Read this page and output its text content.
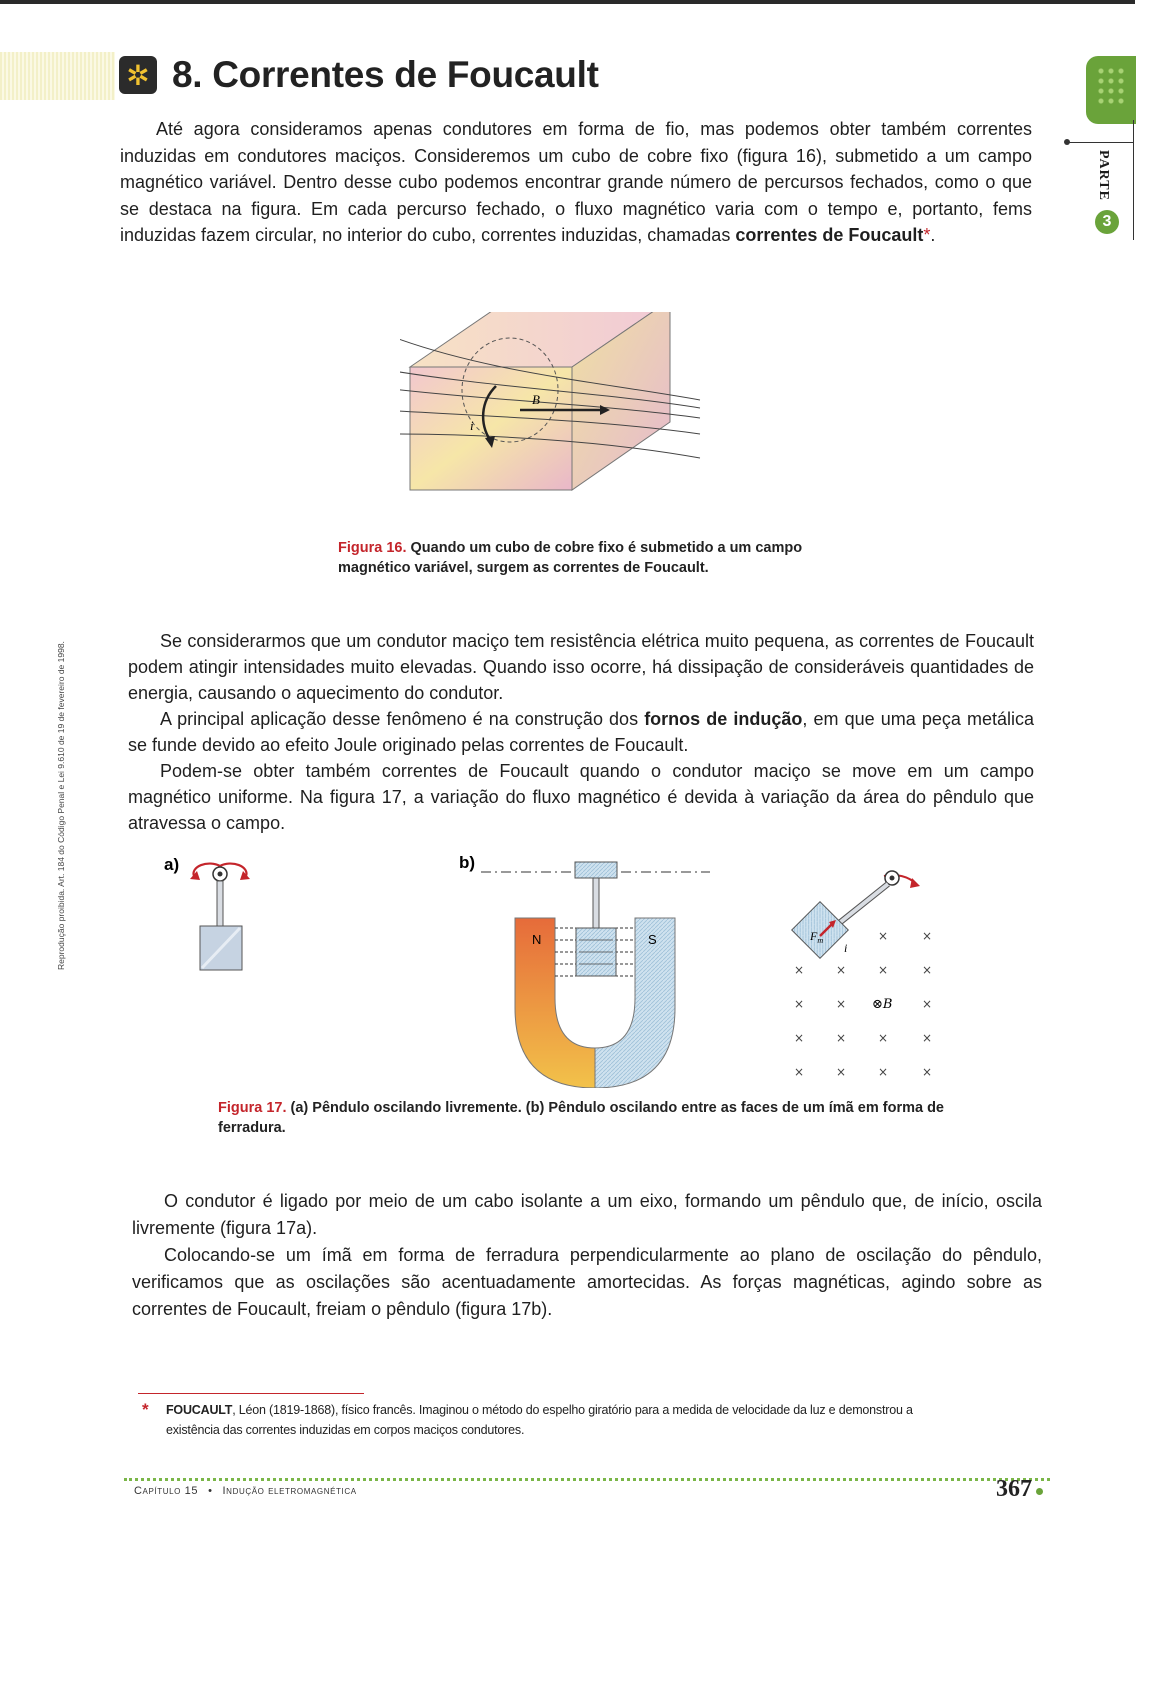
✲ 8. Correntes de Foucault
PARTE
3
Reprodução proibida. Art. 184 do Código Penal e Lei 9.610 de 19 de fevereiro de 1998.

Até agora consideramos apenas condutores em forma de fio, mas podemos obter também correntes induzidas em condutores maciços. Consideremos um cubo de cobre fixo (figura 16), submetido a um campo magnético variável. Dentro desse cubo podemos encontrar grande número de percursos fechados, como o que se destaca na figura. Em cada percurso fechado, o fluxo magnético varia com o tempo e, portanto, fems induzidas fazem circular, no interior do cubo, correntes induzidas, chamadas correntes de Foucault*.

B
i

Figura 16. Quando um cubo de cobre fixo é submetido a um campo magnético variável, surgem as correntes de Foucault.

Se considerarmos que um condutor maciço tem resistência elétrica muito pequena, as correntes de Foucault podem atingir intensidades muito elevadas. Quando isso ocorre, há dissipação de consideráveis quantidades de energia, causando o aquecimento do condutor.

A principal aplicação desse fenômeno é na construção dos fornos de indução, em que uma peça metálica se funde devido ao efeito Joule originado pelas correntes de Foucault.

Podem-se obter também correntes de Foucault quando o condutor maciço se move em um campo magnético uniforme. Na figura 17, a variação do fluxo magnético é devida à variação da área do pêndulo que atravessa o campo.

a)	b)
N	S	$F_m$
i
×	×
×	×	×	×
×	×	×
×	×	×	×
×	×	×	×
⊗B

Figura 17. (a) Pêndulo oscilando livremente. (b) Pêndulo oscilando entre as faces de um ímã em forma de ferradura.

O condutor é ligado por meio de um cabo isolante a um eixo, formando um pêndulo que, de início, oscila livremente (figura 17a).

Colocando-se um ímã em forma de ferradura perpendicularmente ao plano de oscilação do pêndulo, verificamos que as oscilações são acentuadamente amortecidas. As forças magnéticas, agindo sobre as correntes de Foucault, freiam o pêndulo (figura 17b).

*	FOUCAULT, Léon (1819-1868), físico francês. Imaginou o método do espelho giratório para a medida de velocidade da luz e demonstrou a existência das correntes induzidas em corpos maciços condutores.

Capítulo 15 • Indução eletromagnética	367
